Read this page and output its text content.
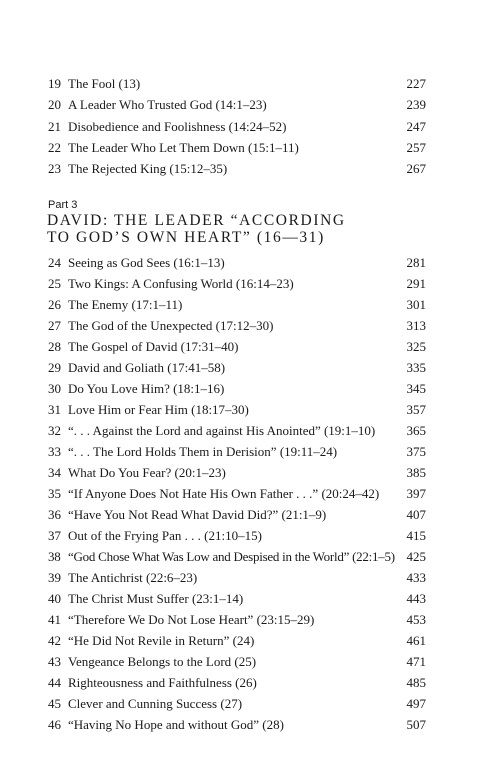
19 The Fool (13)	227
20 A Leader Who Trusted God (14:1–23)	239
21 Disobedience and Foolishness (14:24–52)	247
22 The Leader Who Let Them Down (15:1–11)	257
23 The Rejected King (15:12–35)	267
Part 3
DAVID: THE LEADER “ACCORDING
TO GOD’S OWN HEART” (16—31)
24 Seeing as God Sees (16:1–13)	281
25 Two Kings: A Confusing World (16:14–23)	291
26 The Enemy (17:1–11)	301
27 The God of the Unexpected (17:12–30)	313
28 The Gospel of David (17:31–40)	325
29 David and Goliath (17:41–58)	335
30 Do You Love Him? (18:1–16)	345
31 Love Him or Fear Him (18:17–30)	357
32 “. . . Against the Lord and against His Anointed” (19:1–10) 365
33 “. . . The Lord Holds Them in Derision” (19:11–24)	375
34 What Do You Fear? (20:1–23)	385
35 “If Anyone Does Not Hate His Own Father . . .” (20:24–42) 397
36 “Have You Not Read What David Did?” (21:1–9)	407
37 Out of the Frying Pan . . . (21:10–15)	415
38 “God Chose What Was Low and Despised in the World” (22:1–5) 425
39 The Antichrist (22:6–23)	433
40 The Christ Must Suffer (23:1–14)	443
41 “Therefore We Do Not Lose Heart” (23:15–29)	453
42 “He Did Not Revile in Return” (24)	461
43 Vengeance Belongs to the Lord (25)	471
44 Righteousness and Faithfulness (26)	485
45 Clever and Cunning Success (27)	497
46 “Having No Hope and without God” (28)	507
